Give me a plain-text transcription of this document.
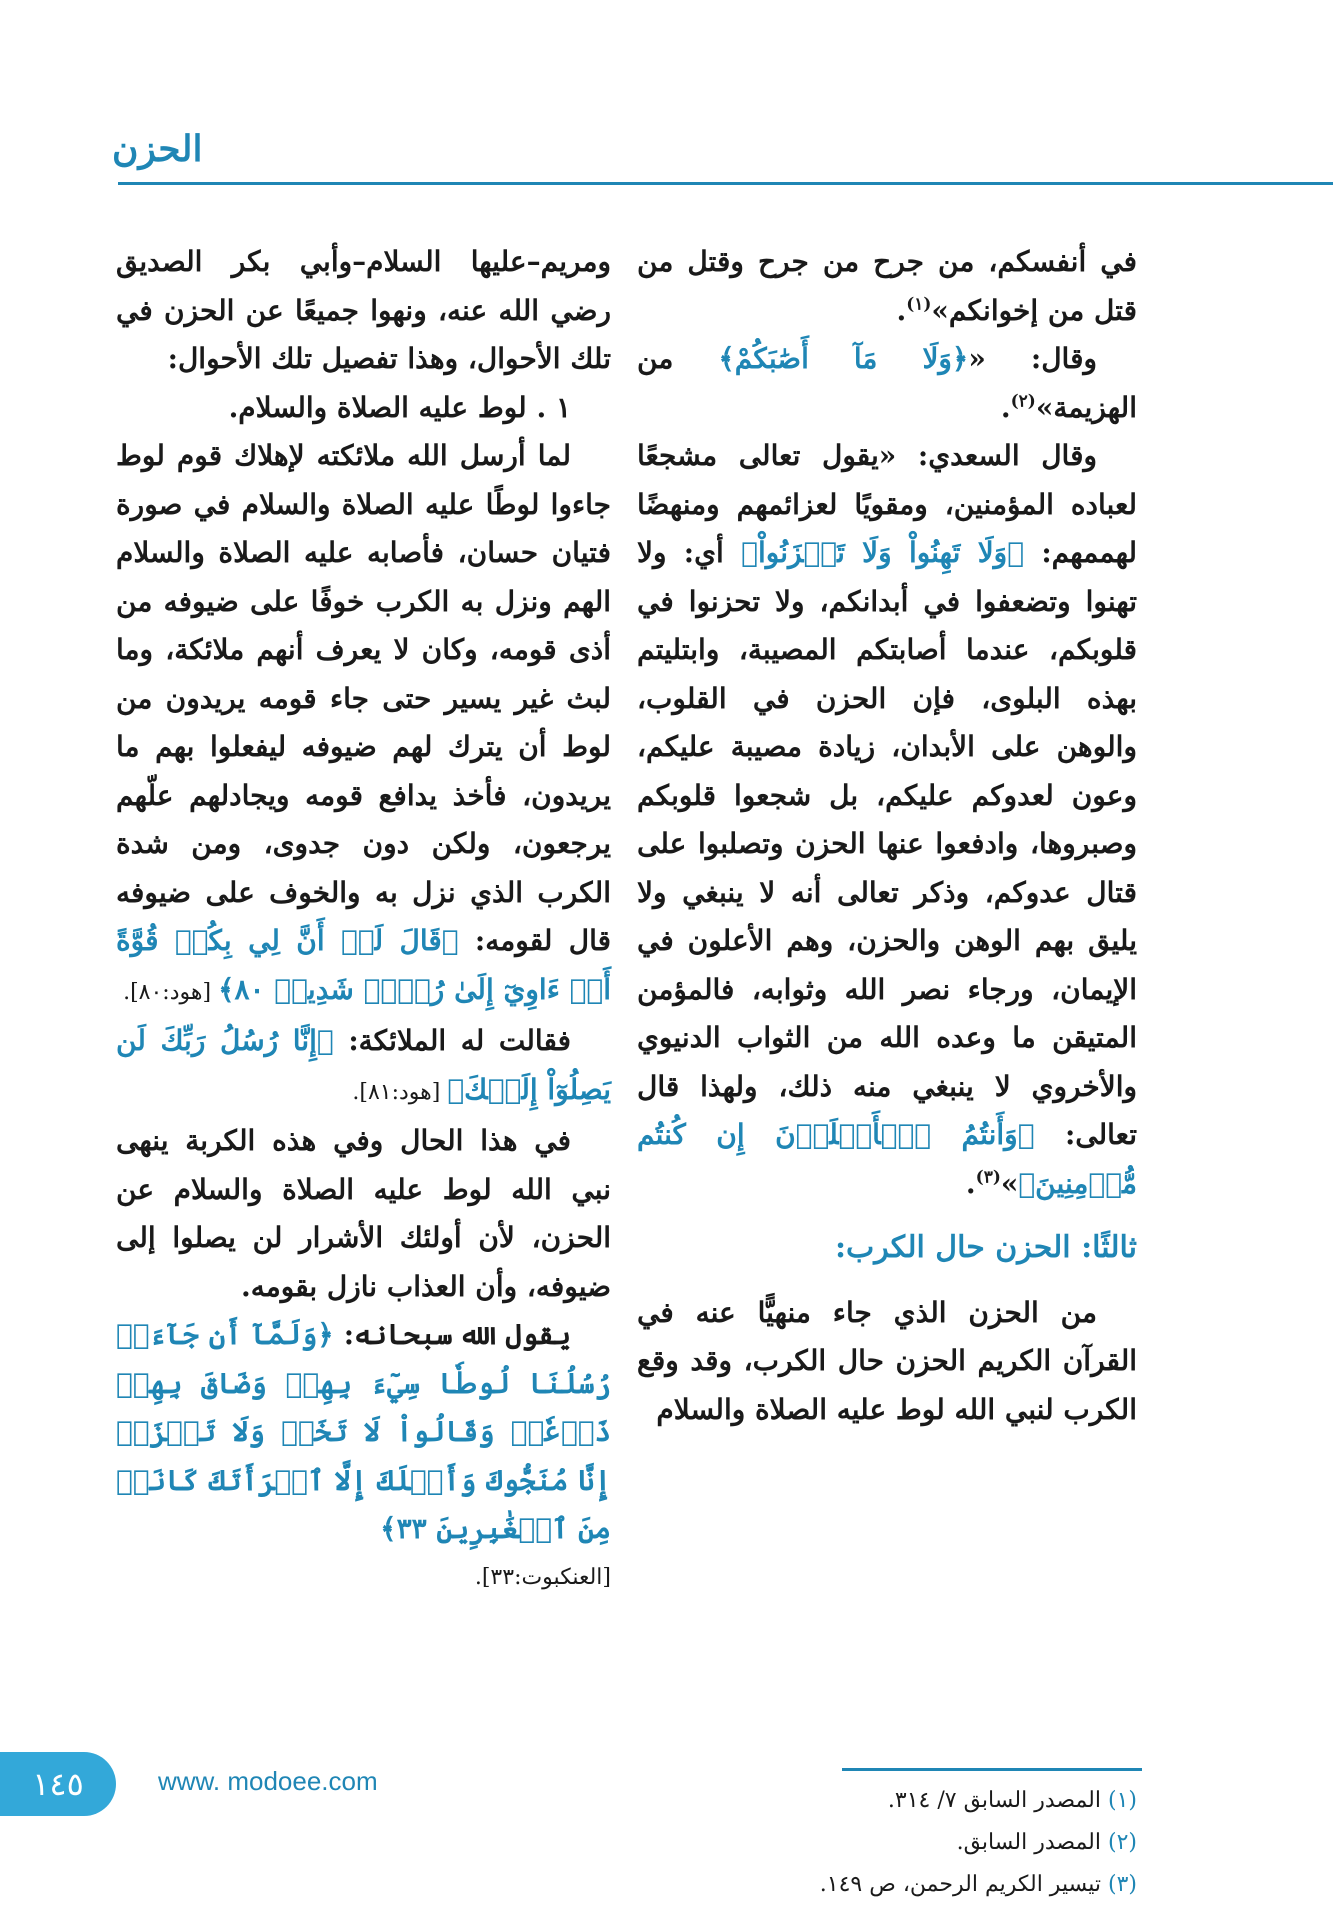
الحزن

في أنفسكم، من جرح من جرح وقتل من قتل من إخوانكم»$^{(١)}$.

وقال: «﴿وَلَا مَآ أَصَٰبَكُمْ﴾ من الهزيمة»$^{(٢)}$.

وقال السعدي: «يقول تعالى مشجعًا لعباده المؤمنين، ومقويًا لعزائمهم ومنهضًا لهممهم: ﴿وَلَا تَهِنُواْ وَلَا تَحۡزَنُواْ﴾ أي: ولا تهنوا وتضعفوا في أبدانكم، ولا تحزنوا في قلوبكم، عندما أصابتكم المصيبة، وابتليتم بهذه البلوى، فإن الحزن في القلوب، والوهن على الأبدان، زيادة مصيبة عليكم، وعون لعدوكم عليكم، بل شجعوا قلوبكم وصبروها، وادفعوا عنها الحزن وتصلبوا على قتال عدوكم، وذكر تعالى أنه لا ينبغي ولا يليق بهم الوهن والحزن، وهم الأعلون في الإيمان، ورجاء نصر الله وثوابه، فالمؤمن المتيقن ما وعده الله من الثواب الدنيوي والأخروي لا ينبغي منه ذلك، ولهذا قال تعالى: ﴿وَأَنتُمُ ٱلۡأَعۡلَوۡنَ إِن كُنتُم مُّؤۡمِنِينَ﴾»$^{(٣)}$.

ثالثًا: الحزن حال الكرب:

من الحزن الذي جاء منهيًّا عنه في القرآن الكريم الحزن حال الكرب، وقد وقع الكرب لنبي الله لوط عليه الصلاة والسلام

ومريم–عليها السلام–وأبي بكر الصديق رضي الله عنه، ونهوا جميعًا عن الحزن في تلك الأحوال، وهذا تفصيل تلك الأحوال:

١ . لوط عليه الصلاة والسلام.

لما أرسل الله ملائكته لإهلاك قوم لوط جاءوا لوطًا عليه الصلاة والسلام في صورة فتيان حسان، فأصابه عليه الصلاة والسلام الهم ونزل به الكرب خوفًا على ضيوفه من أذى قومه، وكان لا يعرف أنهم ملائكة، وما لبث غير يسير حتى جاء قومه يريدون من لوط أن يترك لهم ضيوفه ليفعلوا بهم ما يريدون، فأخذ يدافع قومه ويجادلهم علّهم يرجعون، ولكن دون جدوى، ومن شدة الكرب الذي نزل به والخوف على ضيوفه قال لقومه: ﴿قَالَ لَوۡ أَنَّ لِي بِكُمۡ قُوَّةً أَوۡ ءَاوِيٓ إِلَىٰ رُكۡنٖ شَدِيدٖ ٨٠﴾ [هود:٨٠].

فقالت له الملائكة: ﴿إِنَّا رُسُلُ رَبِّكَ لَن يَصِلُوٓاْ إِلَيۡكَ﴾ [هود:٨١].

في هذا الحال وفي هذه الكربة ينهى نبي الله لوط عليه الصلاة والسلام عن الحزن، لأن أولئك الأشرار لن يصلوا إلى ضيوفه، وأن العذاب نازل بقومه.

يقول الله سبحانه: ﴿وَلَمَّآ أَن جَآءَتۡ رُسُلُنَا لُوطٗا سِيٓءَ بِهِمۡ وَضَاقَ بِهِمۡ ذَرۡعٗاۖ وَقَالُواْ لَا تَخَفۡ وَلَا تَحۡزَنۡ إِنَّا مُنَجُّوكَ وَأَهۡلَكَ إِلَّا ٱمۡرَأَتَكَ كَانَتۡ مِنَ ٱلۡغَٰبِرِينَ ٣٣﴾

[العنكبوت:٣٣].

(١) المصدر السابق ٧/ ٣١٤.
(٢) المصدر السابق.
(٣) تيسير الكريم الرحمن، ص ١٤٩.
١٤٥	www. modoee.com
